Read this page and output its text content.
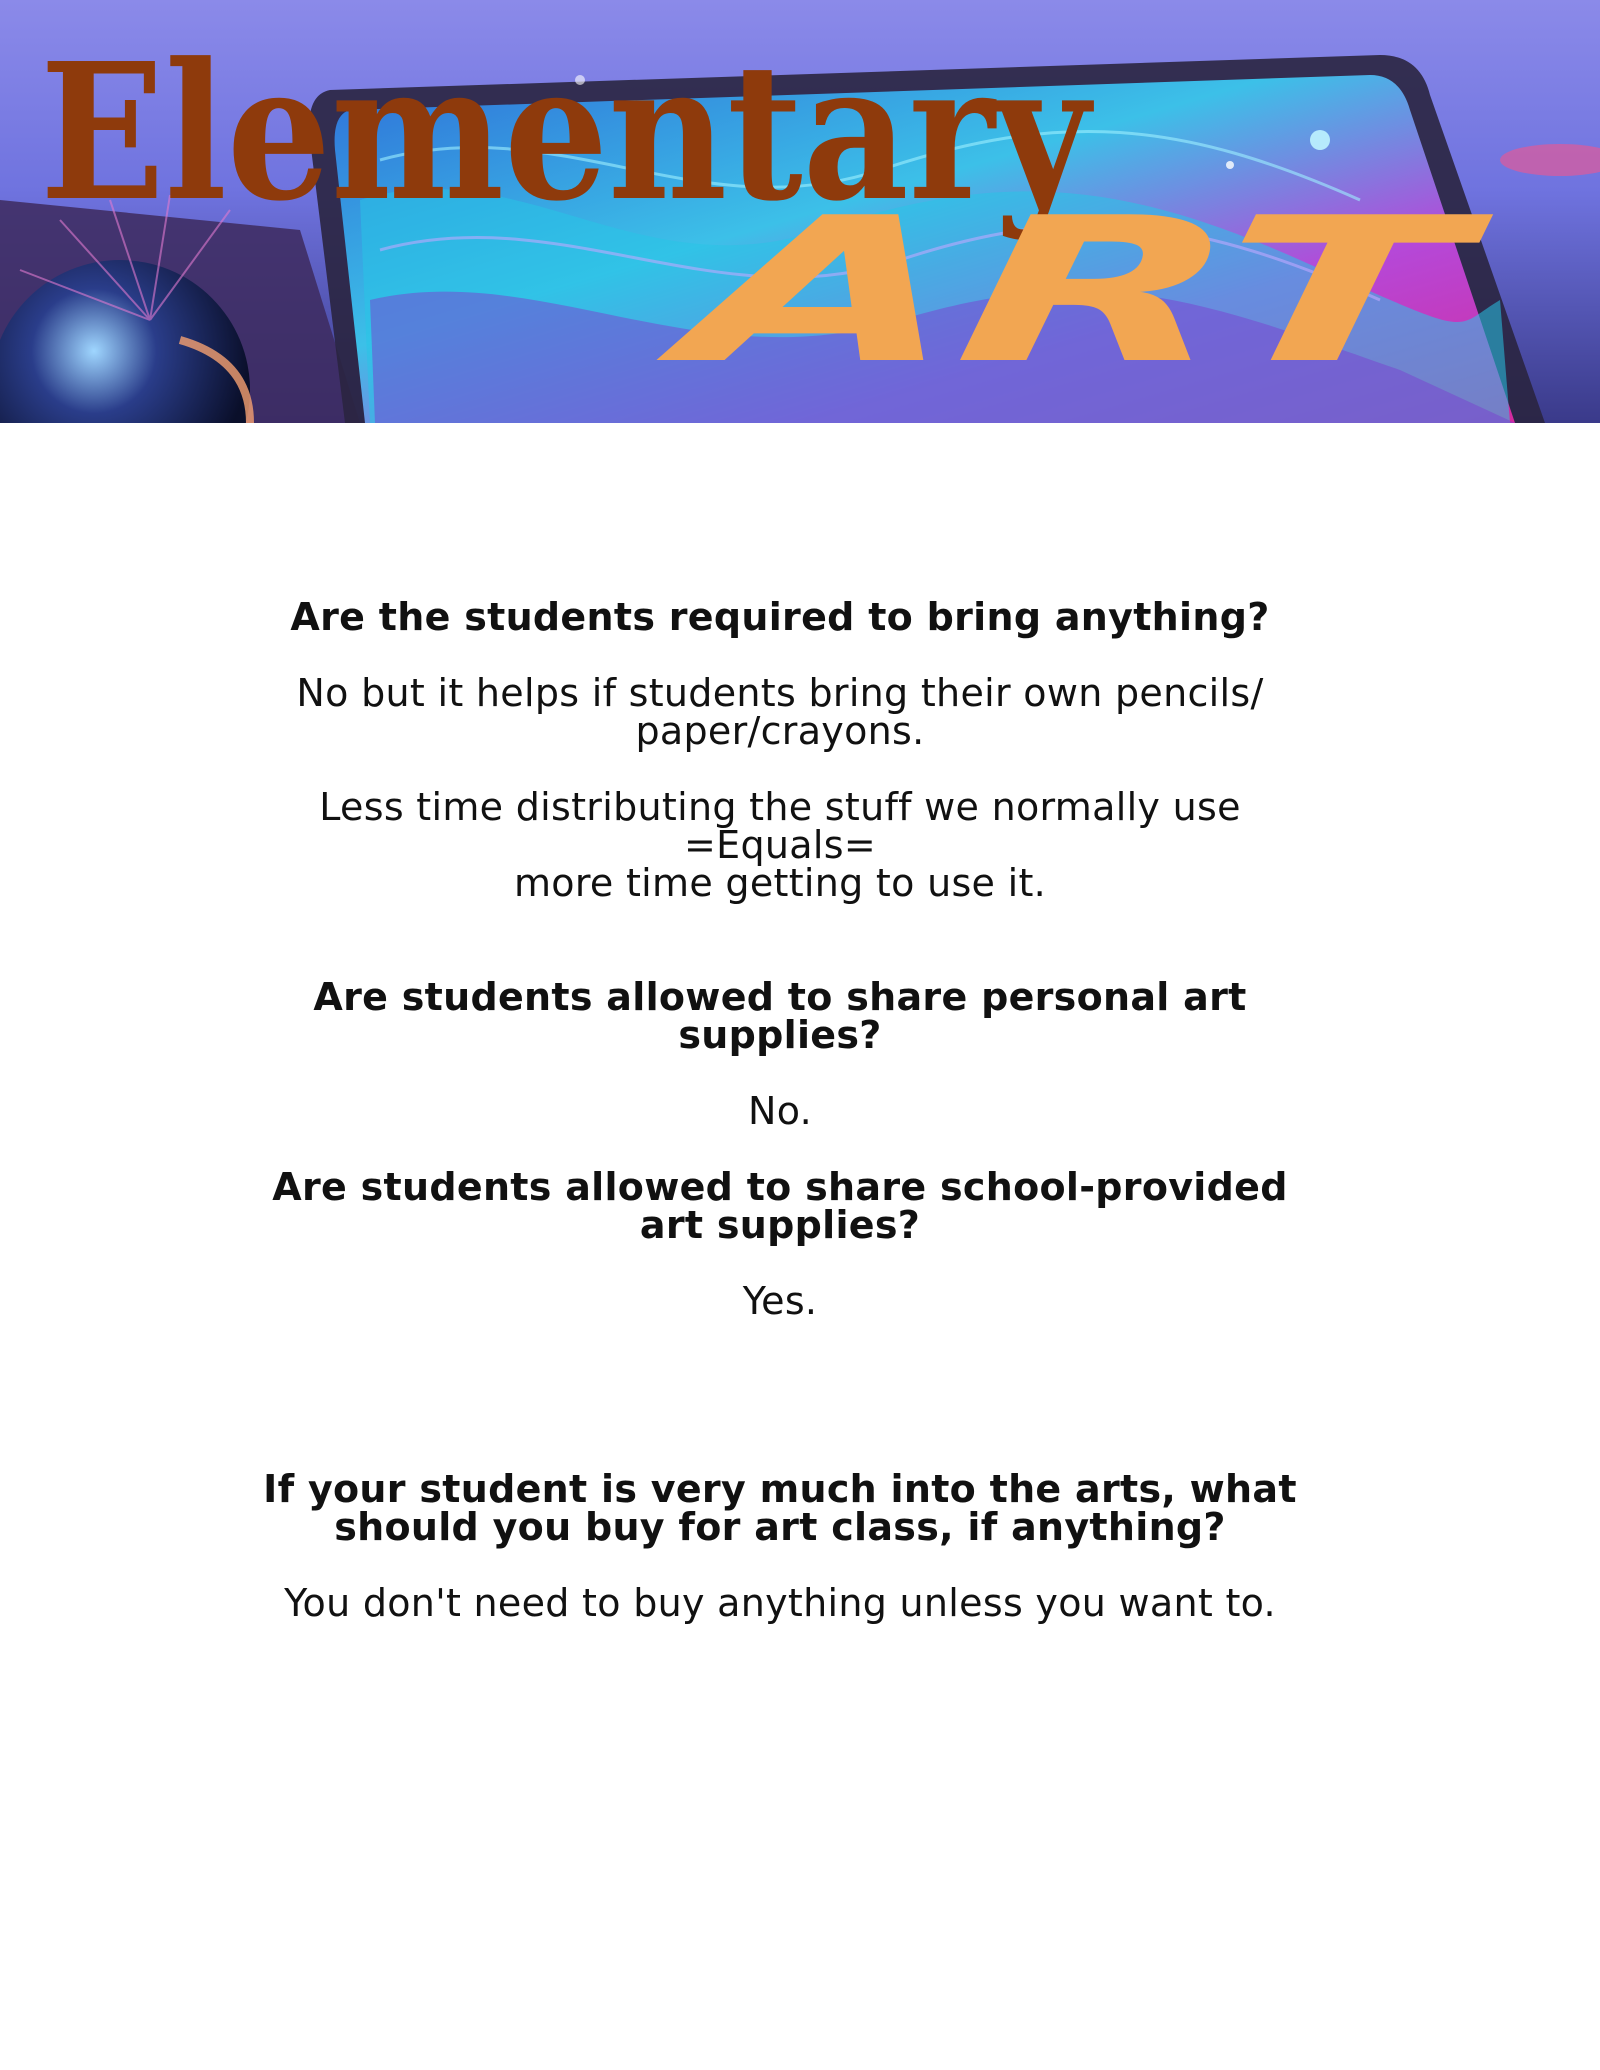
Elementary
ART

Are the students required to bring anything?

No but it helps if students bring their own pencils/
paper/crayons.

Less time distributing the stuff we normally use
=Equals=
more time getting to use it.

Are students allowed to share personal art
supplies?

No.

Are students allowed to share school-provided
art supplies?

Yes.

If your student is very much into the arts, what
should you buy for art class, if anything?

You don't need to buy anything unless you want to.
